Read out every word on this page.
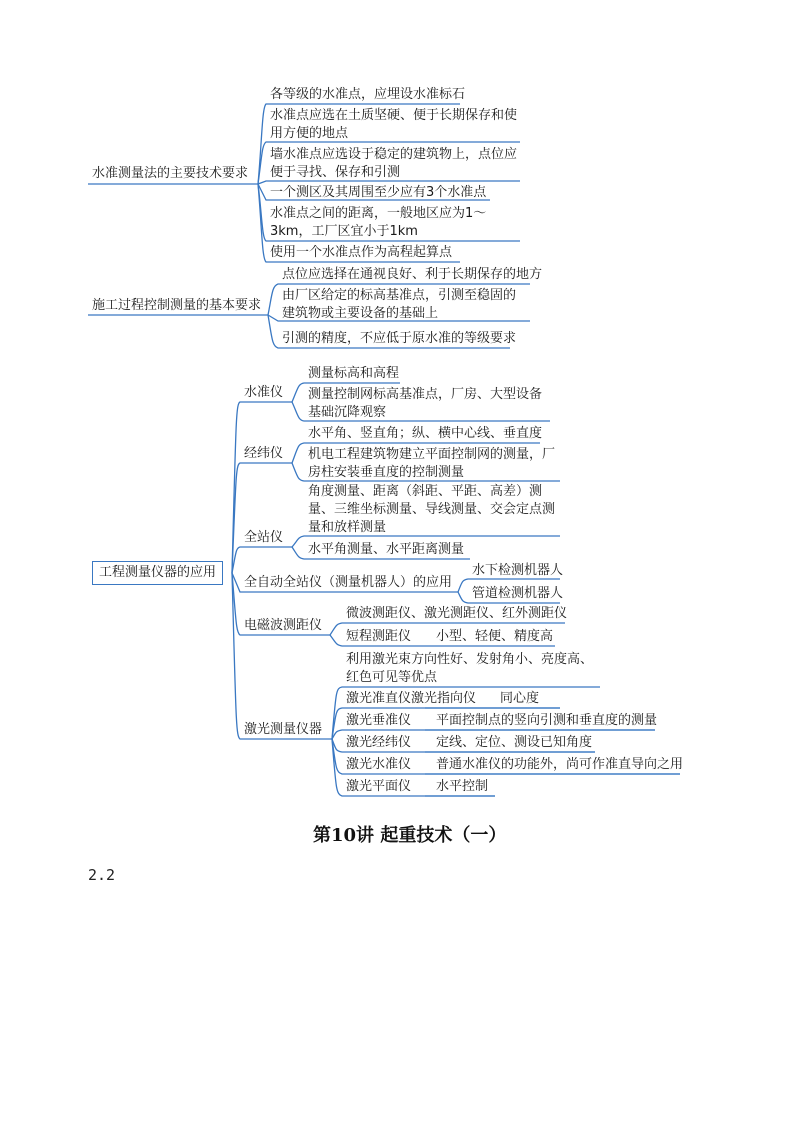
水准测量法的主要技术要求
各等级的水准点，应埋设水准标石
水准点应选在土质坚硬、便于长期保存和使用方便的地点
墙水准点应选设于稳定的建筑物上，点位应便于寻找、保存和引测
一个测区及其周围至少应有3个水准点
水准点之间的距离，一般地区应为1～3km，工厂区宜小于1km
使用一个水准点作为高程起算点
施工过程控制测量的基本要求
点位应选择在通视良好、利于长期保存的地方
由厂区给定的标高基准点，引测至稳固的建筑物或主要设备的基础上
引测的精度，不应低于原水准的等级要求
工程测量仪器的应用
水准仪
测量标高和高程
测量控制网标高基准点，厂房、大型设备基础沉降观察
经纬仪
水平角、竖直角；纵、横中心线、垂直度
机电工程建筑物建立平面控制网的测量，厂房柱安装垂直度的控制测量
全站仪
角度测量、距离（斜距、平距、高差）测量、三维坐标测量、导线测量、交会定点测量和放样测量
水平角测量、水平距离测量
全自动全站仪（测量机器人）的应用
水下检测机器人
管道检测机器人
电磁波测距仪
微波测距仪、激光测距仪、红外测距仪
短程测距仪 小型、轻便、精度高
激光测量仪器
利用激光束方向性好、发射角小、亮度高、红色可见等优点
激光准直仪激光指向仪 同心度
激光垂准仪 平面控制点的竖向引测和垂直度的测量
激光经纬仪 定线、定位、测设已知角度
激光水准仪 普通水准仪的功能外，尚可作准直导向之用
激光平面仪 水平控制
第10讲 起重技术（一）
2.2
